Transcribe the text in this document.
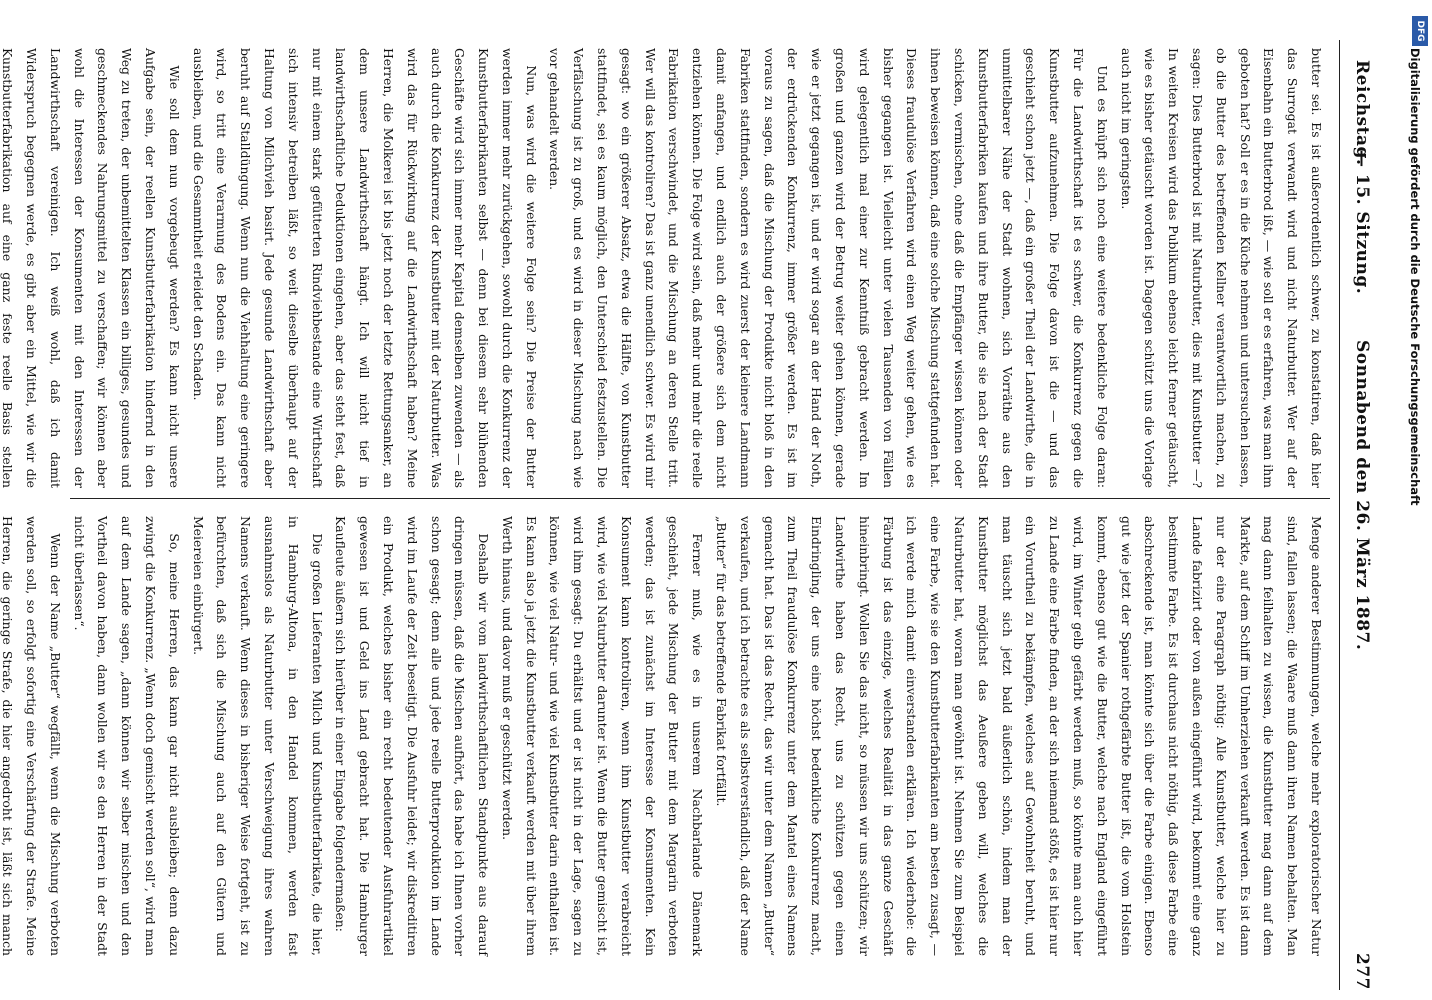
Reichstag.
— 15. Sitzung.
Sonnabend den 26. März 1887.
277

butter sei. Es ist außerordentlich schwer, zu konstatiren, daß hier das Surrogat verwandt wird und nicht Naturbutter. Wer auf der Eisenbahn ein Butterbrod ißt, — wie soll er es erfahren, was man ihm geboten hat? Soll er es in die Küche nehmen und untersuchen lassen, ob die Butter des betreffenden Kellner verantwortlich machen, zu sagen: Dies Butterbrod ist mit Naturbutter, dies mit Kunstbutter —? In weiten Kreisen wird das Publikum ebenso leicht ferner getäuscht, wie es bisher getäuscht worden ist. Dagegen schützt uns die Vorlage auch nicht im geringsten.

Und es knüpft sich noch eine weitere bedenkliche Folge daran: Für die Landwirthschaft ist es schwer, die Konkurrenz gegen die Kunstbutter aufzunehmen. Die Folge davon ist die — und das geschieht schon jetzt —, daß ein großer Theil der Landwirthe, die in unmittelbarer Nähe der Stadt wohnen, sich Vorräthe aus den Kunstbutterfabriken kaufen und ihre Butter, die sie nach der Stadt schicken, vermischen, ohne daß die Empfänger wissen können oder ihnen beweisen können, daß eine solche Mischung stattgefunden hat. Dieses fraudulöse Verfahren wird einen Weg weiter gehen, wie es bisher gegangen ist. Vielleicht unter vielen Tausenden von Fällen wird gelegentlich mal einer zur Kenntniß gebracht werden. Im großen und ganzen wird der Betrug weiter gehen können, gerade wie er jetzt gegangen ist, und er wird sogar an der Hand der Noth, der erdrückenden Konkurrenz, immer größer werden. Es ist im voraus zu sagen, daß die Mischung der Produkte nicht bloß in den Fabriken stattfinden, sondern es wird zuerst der kleinere Landmann damit anfangen, und endlich auch der größere sich dem nicht entziehen können. Die Folge wird sein, daß mehr und mehr die reelle Fabrikation verschwindet, und die Mischung an deren Stelle tritt. Wer will das kontroliren? Das ist ganz unendlich schwer. Es wird mir gesagt: wo ein größerer Absatz, etwa die Hälfte, von Kunstbutter stattfindet, sei es kaum möglich, den Unterschied festzustellen. Die Verfälschung ist zu groß, und es wird in dieser Mischung nach wie vor gehandelt werden.

Nun, was wird die weitere Folge sein? Die Preise der Butter werden immer mehr zurückgehen, sowohl durch die Konkurrenz der Kunstbutterfabrikanten selbst — denn bei diesem sehr blühenden Geschäfte wird sich immer mehr Kapital demselben zuwenden — als auch durch die Konkurrenz der Kunstbutter mit der Naturbutter. Was wird das für Rückwirkung auf die Landwirthschaft haben? Meine Herren, die Molkerei ist bis jetzt noch der letzte Rettungsanker, an dem unsere Landwirthschaft hängt. Ich will nicht tief in landwirthschaftliche Deduktionen eingehen, aber das steht fest, daß nur mit einem stark gefütterten Rindviehbestande eine Wirthschaft sich intensiv betreiben läßt, so weit dieselbe überhaupt auf der Haltung von Milchvieh basirt. Jede gesunde Landwirthschaft aber beruht auf Stalldüngung. Wenn nun die Viehhaltung eine geringere wird, so tritt eine Verarmung des Bodens ein. Das kann nicht ausbleiben, und die Gesammtheit erleidet den Schaden.

Wie soll dem nun vorgebeugt werden? Es kann nicht unsere Aufgabe sein, der reellen Kunstbutterfabrikation hindernd in den Weg zu treten, der unbemittelten Klassen ein billiges, gesundes und geschmeckendes Nahrungsmittel zu verschaffen; wir können aber wohl die Interessen der Konsumenten mit den Interessen der Landwirthschaft vereinigen. Ich weiß wohl, daß ich damit Widerspruch begegnen werde, es gibt aber ein Mittel, wie wir die Kunstbutterfabrikation auf eine ganz feste reelle Basis stellen

Menge anderer Bestimmungen, welche mehr exploratorischer Natur sind, fallen lassen; die Waare muß dann ihren Namen behalten. Man mag dann feilhalten zu wissen, die Kunstbutter mag dann auf dem Markte, auf dem Schiff im Umherziehen verkauft werden. Es ist dann nur der eine Paragraph nöthig: Alle Kunstbutter, welche hier zu Lande fabrizirt oder von außen eingeführt wird, bekommt eine ganz bestimmte Farbe. Es ist durchaus nicht nöthig, daß diese Farbe eine abschreckende ist, man könnte sich über die Farbe einigen. Ebenso gut wie jetzt der Spanier rothgefärbte Butter ißt, die vom Holstein kommt, ebenso gut wie die Butter, welche nach England eingeführt wird, im Winter gelb gefärbt werden muß, so könnte man auch hier zu Lande eine Farbe finden, an der sich niemand stößt, es ist hier nur ein Vorurtheil zu bekämpfen, welches auf Gewohnheit beruht, und man täuscht sich jetzt bald äußerlich schön, indem man der Kunstbutter möglichst das Aeußere geben will, welches die Naturbutter hat, woran man gewöhnt ist. Nehmen Sie zum Beispiel eine Farbe, wie sie den Kunstbutterfabrikanten am besten zusagt, — ich werde mich damit einverstanden erklären. Ich wiederhole: die Färbung ist das einzige, welches Realität in das ganze Geschäft hineinbringt. Wollen Sie das nicht, so müssen wir uns schützen; wir Landwirthe haben das Recht, uns zu schützen gegen einen Eindringling, der uns eine höchst bedenkliche Konkurrenz macht, zum Theil fraudulöse Konkurrenz unter dem Mantel eines Namens gemacht hat. Das ist das Recht, das wir unter dem Namen „Butter“ verkaufen, und ich betrachte es als selbstverständlich, daß der Name „Butter“ für das betreffende Fabrikat fortfällt.

Ferner muß, wie es in unserem Nachbarlande Dänemark geschieht, jede Mischung der Butter mit dem Margarin verboten werden; das ist zunächst im Interesse der Konsumenten. Kein Konsument kann kontroliren, wenn ihm Kunstbutter verabreicht wird, wie viel Naturbutter darunter ist. Wenn die Butter gemischt ist, wird ihm gesagt: Du erhältst und er ist nicht in der Lage, sagen zu können, wie viel Natur- und wie viel Kunstbutter darin enthalten ist. Es kann also ja jetzt die Kunstbutter verkauft werden mit über ihrem Werth hinaus, und davor muß er geschützt werden.

Deshalb wir vom landwirthschaftlichen Standpunkte aus darauf dringen müssen, daß die Mischen aufhört, das habe ich Ihnen vorher schon gesagt; denn alle und jede reelle Butterproduktion im Lande wird im Laufe der Zeit beseitigt. Die Ausfuhr leidet; wir diskreditiren ein Produkt, welches bisher ein recht bedeutender Ausfuhrartikel gewesen ist und Geld ins Land gebracht hat. Die Hamburger Kaufleute äußern sich hierüber in einer Eingabe folgendermaßen:

Die großen Lieferanten Milch und Kunstbutterfabrikate, die hier, in Hamburg-Altona, in den Handel kommen, werden fast ausnahmslos als Naturbutter unter Verschweigung ihres wahren Namens verkauft. Wenn dieses in bisheriger Weise fortgeht, ist zu befürchten, daß sich die Mischung auch auf den Gütern und Meiereien einbürgert.

So, meine Herren, das kann gar nicht ausbleiben; denn dazu zwingt die Konkurrenz. „Wenn doch gemischt werden soll“, wird man auf dem Lande sagen, „dann können wir selber mischen und den Vortheil davon haben, dann wollen wir es den Herren in der Stadt nicht überlassen“.

Wenn der Name „Butter“ wegfällt, wenn die Mischung verboten werden soll, so erfolgt sofortig eine Verschärfung der Strafe. Meine Herren, die geringe Strafe, die hier angedroht ist, läßt sich manch

Digitalisierung gefördert durch die Deutsche Forschungsgemeinschaft
DFG
